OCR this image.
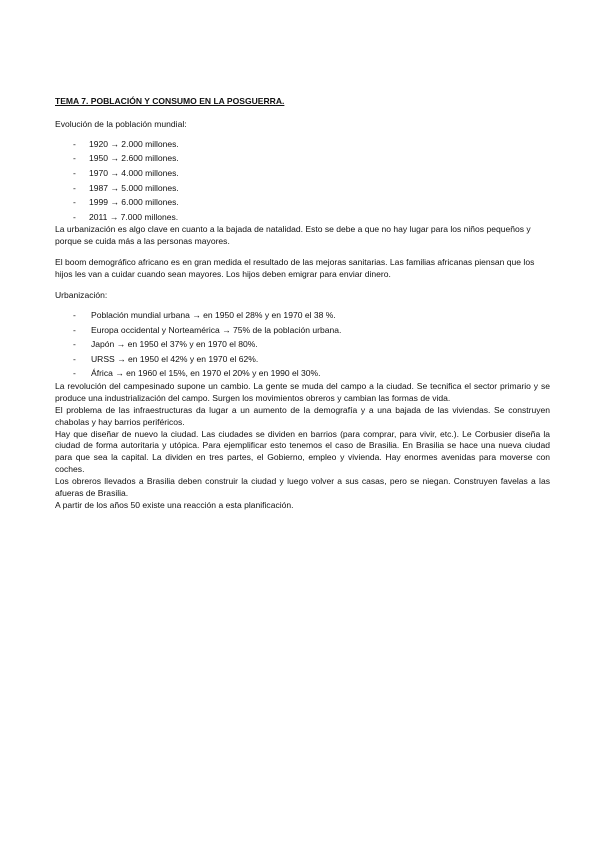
TEMA 7. POBLACIÓN Y CONSUMO EN LA POSGUERRA.

Evolución de la población mundial:

- 1920 → 2.000 millones.
- 1950 → 2.600 millones.
- 1970 → 4.000 millones.
- 1987 → 5.000 millones.
- 1999 → 6.000 millones.
- 2011 → 7.000 millones.

La urbanización es algo clave en cuanto a la bajada de natalidad. Esto se debe a que no hay lugar para los niños pequeños y porque se cuida más a las personas mayores.

El boom demográfico africano es en gran medida el resultado de las mejoras sanitarias. Las familias africanas piensan que los hijos les van a cuidar cuando sean mayores. Los hijos deben emigrar para enviar dinero.

Urbanización:

- Población mundial urbana → en 1950 el 28% y en 1970 el 38 %.
- Europa occidental y Norteamérica → 75% de la población urbana.
- Japón → en 1950 el 37% y en 1970 el 80%.
- URSS → en 1950 el 42% y en 1970 el 62%.
- África → en 1960 el 15%, en 1970 el 20% y en 1990 el 30%.

La revolución del campesinado supone un cambio. La gente se muda del campo a la ciudad. Se tecnifica el sector primario y se produce una industrialización del campo. Surgen los movimientos obreros y cambian las formas de vida.

El problema de las infraestructuras da lugar a un aumento de la demografía y a una bajada de las viviendas. Se construyen chabolas y hay barrios periféricos.

Hay que diseñar de nuevo la ciudad. Las ciudades se dividen en barrios (para comprar, para vivir, etc.). Le Corbusier diseña la ciudad de forma autoritaria y utópica. Para ejemplificar esto tenemos el caso de Brasilia. En Brasilia se hace una nueva ciudad para que sea la capital. La dividen en tres partes, el Gobierno, empleo y vivienda. Hay enormes avenidas para moverse con coches.

Los obreros llevados a Brasilia deben construir la ciudad y luego volver a sus casas, pero se niegan. Construyen favelas a las afueras de Brasilia.

A partir de los años 50 existe una reacción a esta planificación.
